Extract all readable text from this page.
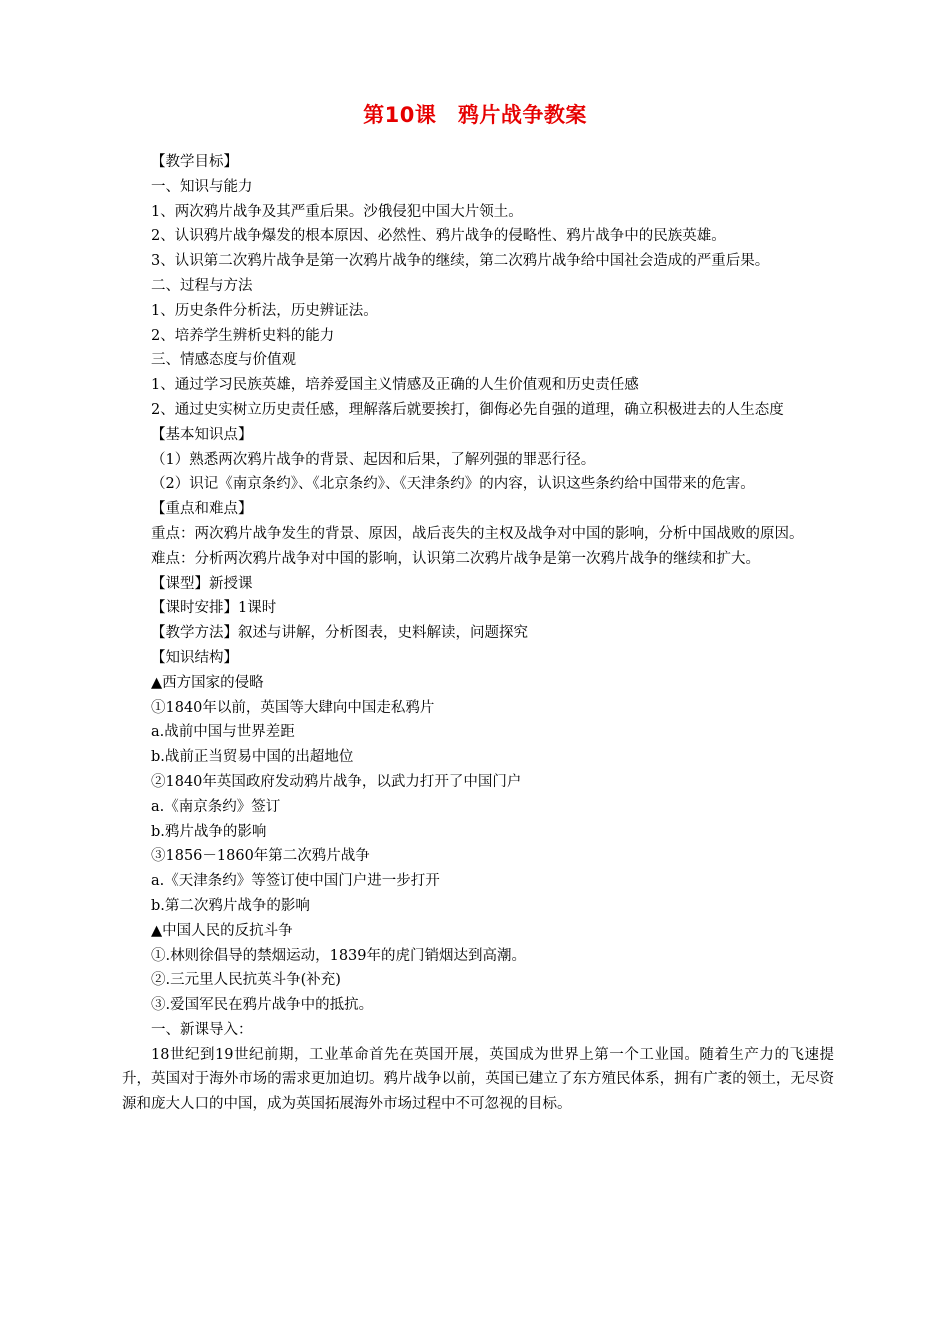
第10课　鸦片战争教案

【教学目标】

一、知识与能力

1、两次鸦片战争及其严重后果。沙俄侵犯中国大片领土。

2、认识鸦片战争爆发的根本原因、必然性、鸦片战争的侵略性、鸦片战争中的民族英雄。

3、认识第二次鸦片战争是第一次鸦片战争的继续，第二次鸦片战争给中国社会造成的严重后果。

二、过程与方法

1、历史条件分析法，历史辨证法。

2、培养学生辨析史料的能力

三、情感态度与价值观

1、通过学习民族英雄，培养爱国主义情感及正确的人生价值观和历史责任感

2、通过史实树立历史责任感，理解落后就要挨打，御侮必先自强的道理，确立积极进去的人生态度

【基本知识点】

（1）熟悉两次鸦片战争的背景、起因和后果，了解列强的罪恶行径。

（2）识记《南京条约》、《北京条约》、《天津条约》的内容，认识这些条约给中国带来的危害。

【重点和难点】

重点：两次鸦片战争发生的背景、原因，战后丧失的主权及战争对中国的影响，分析中国战败的原因。

难点：分析两次鸦片战争对中国的影响，认识第二次鸦片战争是第一次鸦片战争的继续和扩大。

【课型】新授课

【课时安排】1课时

【教学方法】叙述与讲解，分析图表，史料解读，问题探究

【知识结构】

▲西方国家的侵略

①1840年以前，英国等大肆向中国走私鸦片

a.战前中国与世界差距

b.战前正当贸易中国的出超地位

②1840年英国政府发动鸦片战争，以武力打开了中国门户

a.《南京条约》签订

b.鸦片战争的影响

③1856－1860年第二次鸦片战争

a.《天津条约》等签订使中国门户进一步打开

b.第二次鸦片战争的影响

▲中国人民的反抗斗争

①.林则徐倡导的禁烟运动，1839年的虎门销烟达到高潮。

②.三元里人民抗英斗争(补充)

③.爱国军民在鸦片战争中的抵抗。

一、新课导入：

18世纪到19世纪前期，工业革命首先在英国开展，英国成为世界上第一个工业国。随着生产力的飞速提升，英国对于海外市场的需求更加迫切。鸦片战争以前，英国已建立了东方殖民体系，拥有广袤的领土，无尽资源和庞大人口的中国，成为英国拓展海外市场过程中不可忽视的目标。
